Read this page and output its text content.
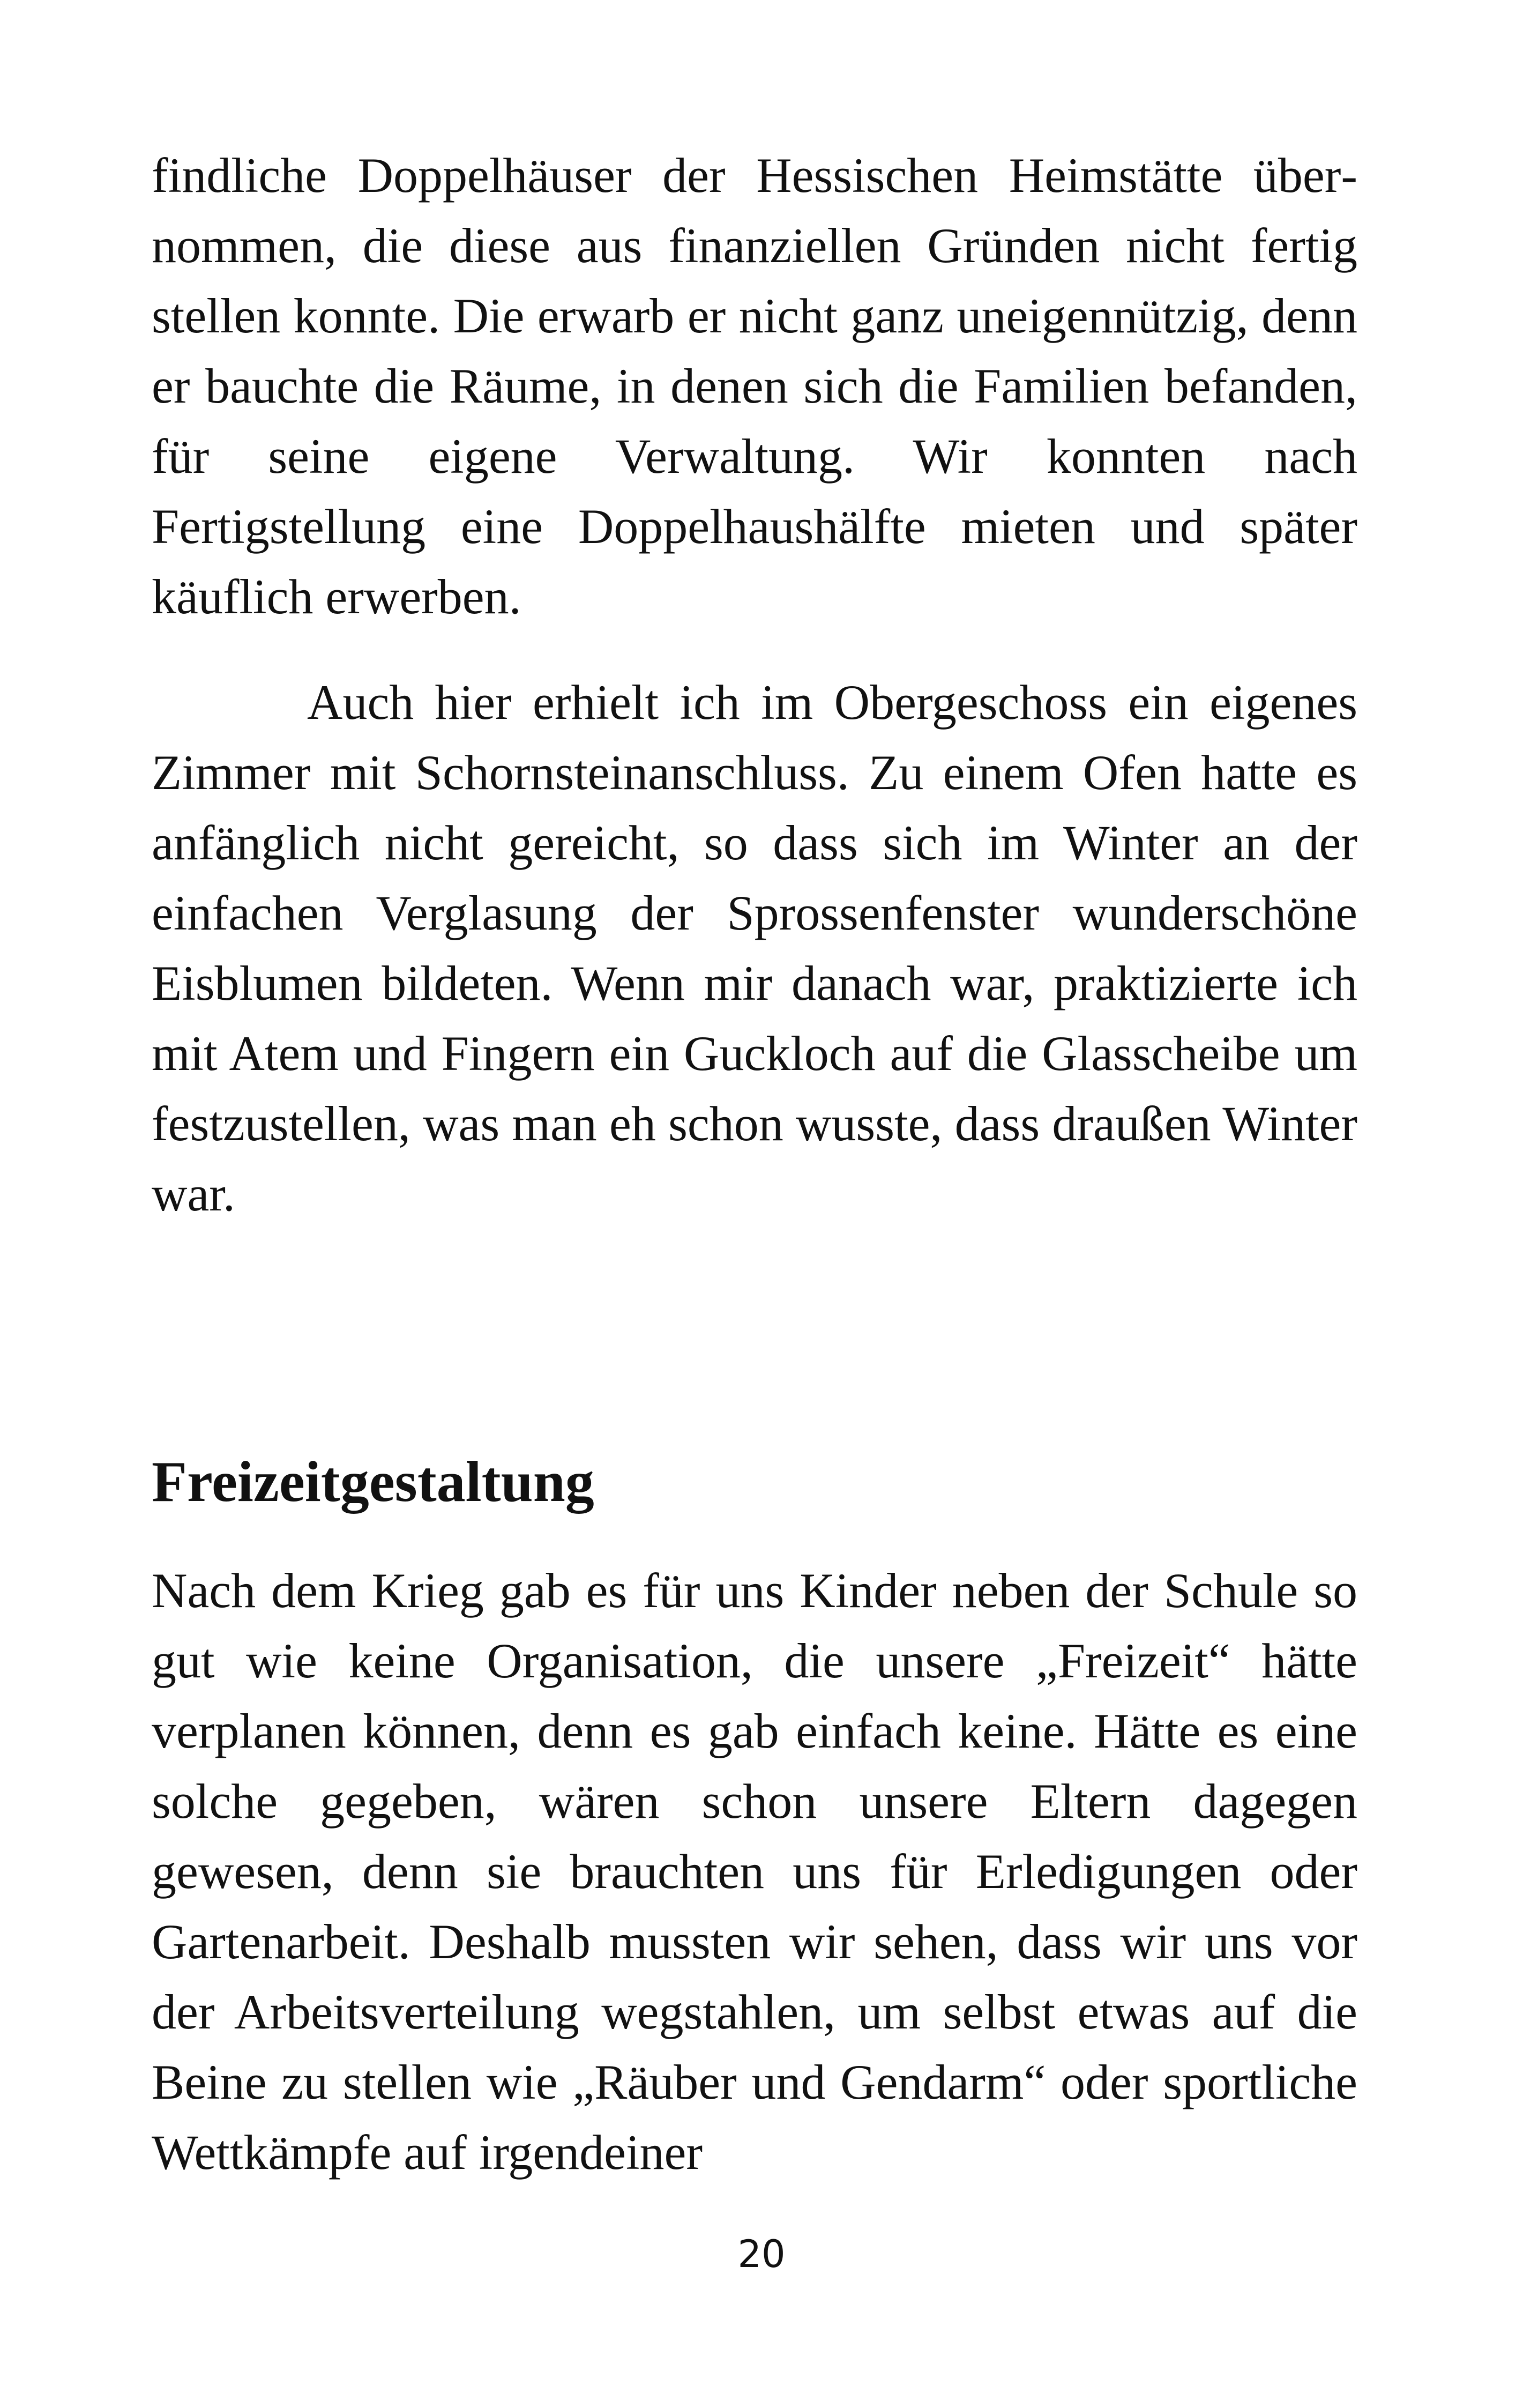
findliche Doppelhäuser der Hessischen Heimstätte übernommen, die diese aus finanziellen Gründen nicht fertig stellen konnte. Die erwarb er nicht ganz uneigennützig, denn er bauchte die Räume, in denen sich die Familien befanden, für seine eigene Verwaltung. Wir konnten nach Fertigstellung eine Doppelhaushälfte mieten und später käuflich erwerben.

Auch hier erhielt ich im Obergeschoss ein eigenes Zimmer mit Schornsteinanschluss. Zu einem Ofen hatte es anfänglich nicht gereicht, so dass sich im Winter an der einfachen Verglasung der Sprossenfenster wunderschöne Eisblumen bildeten. Wenn mir danach war, praktizierte ich mit Atem und Fingern ein Guckloch auf die Glasscheibe um festzustellen, was man eh schon wusste, dass draußen Winter war.

Freizeitgestaltung

Nach dem Krieg gab es für uns Kinder neben der Schule so gut wie keine Organisation, die unsere „Freizeit“ hätte verplanen können, denn es gab einfach keine. Hätte es eine solche gegeben, wären schon unsere Eltern dagegen gewesen, denn sie brauchten uns für Erledigungen oder Gartenarbeit. Deshalb mussten wir sehen, dass wir uns vor der Arbeitsverteilung wegstahlen, um selbst etwas auf die Beine zu stellen wie „Räuber und Gendarm“ oder sportliche Wettkämpfe auf irgendeiner

20
